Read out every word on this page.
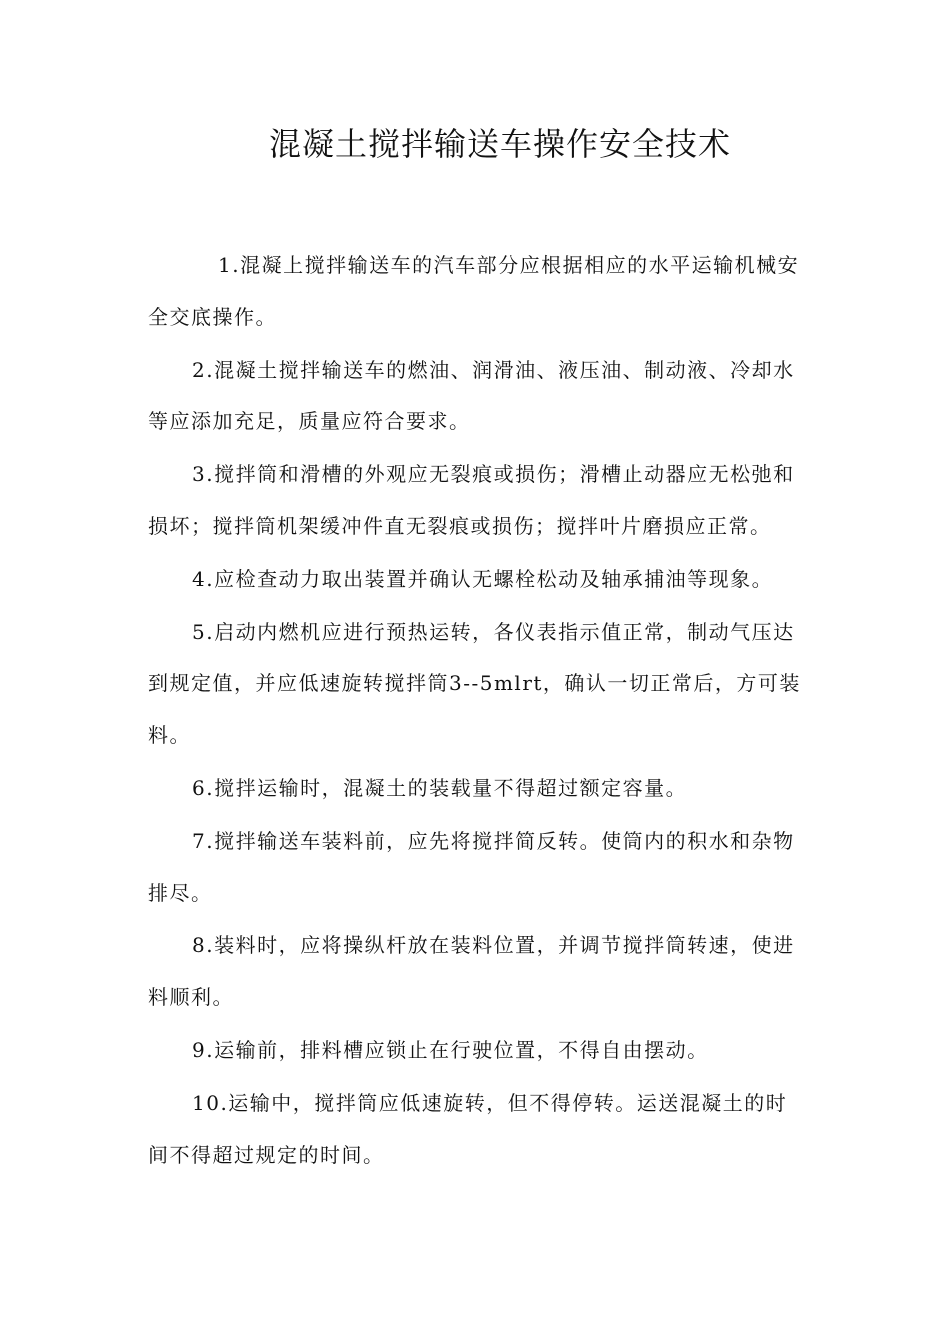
混凝土搅拌输送车操作安全技术

1.混凝上搅拌输送车的汽车部分应根据相应的水平运输机械安全交底操作。

2.混凝土搅拌输送车的燃油、润滑油、液压油、制动液、冷却水等应添加充足，质量应符合要求。

3.搅拌筒和滑槽的外观应无裂痕或损伤；滑槽止动器应无松弛和损坏；搅拌筒机架缓冲件直无裂痕或损伤；搅拌叶片磨损应正常。

4.应检查动力取出装置并确认无螺栓松动及轴承捕油等现象。

5.启动内燃机应进行预热运转，各仪表指示值正常，制动气压达到规定值，并应低速旋转搅拌筒3--5mlrt，确认一切正常后，方可装料。

6.搅拌运输时，混凝土的装载量不得超过额定容量。

7.搅拌输送车装料前，应先将搅拌简反转。使筒内的积水和杂物排尽。

8.装料时，应将操纵杆放在装料位置，并调节搅拌筒转速，使进料顺利。

9.运输前，排料槽应锁止在行驶位置，不得自由摆动。

10.运输中，搅拌筒应低速旋转，但不得停转。运送混凝土的时间不得超过规定的时间。
